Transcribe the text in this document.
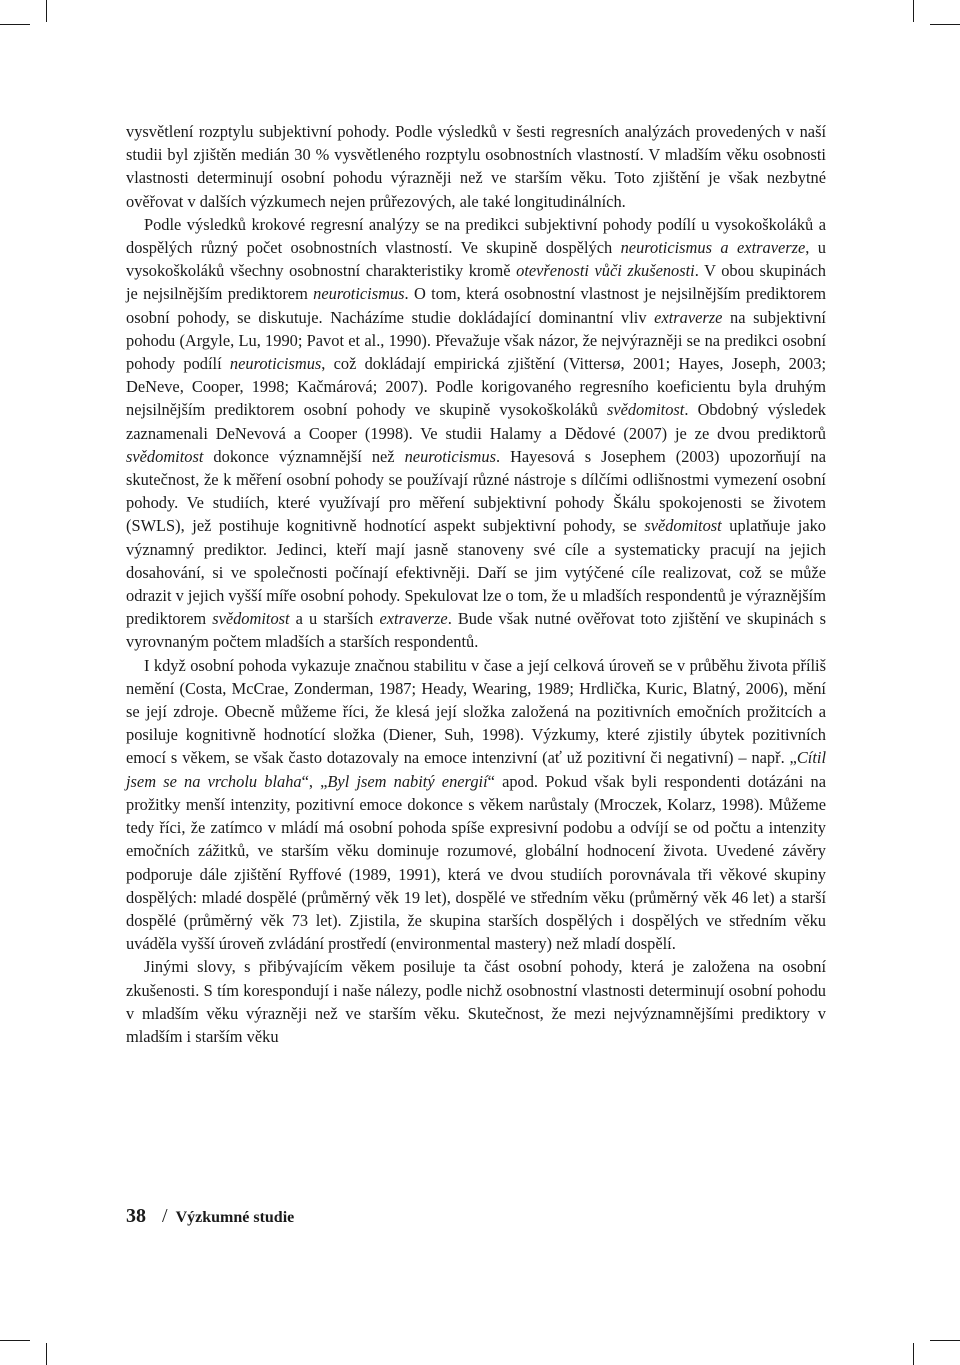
vysvětlení rozptylu subjektivní pohody. Podle výsledků v šesti regresních analýzách provedených v naší studii byl zjištěn medián 30 % vysvětleného rozptylu osobnostních vlastností. V mladším věku osobnosti vlastnosti determinují osobní pohodu výrazněji než ve starším věku. Toto zjištění je však nezbytné ověřovat v dalších výzkumech nejen průřezových, ale také longitudinálních.

Podle výsledků krokové regresní analýzy se na predikci subjektivní pohody podílí u vysokoškoláků a dospělých různý počet osobnostních vlastností. Ve skupině dospělých neuroticismus a extraverze, u vysokoškoláků všechny osobnostní charakteristiky kromě otevřenosti vůči zkušenosti. V obou skupinách je nejsilnějším prediktorem neuroticismus. O tom, která osobnostní vlastnost je nejsilnějším prediktorem osobní pohody, se diskutuje. Nacházíme studie dokládající dominantní vliv extraverze na subjektivní pohodu (Argyle, Lu, 1990; Pavot et al., 1990). Převažuje však názor, že nejvýrazněji se na predikci osobní pohody podílí neuroticismus, což dokládají empirická zjištění (Vittersø, 2001; Hayes, Joseph, 2003; DeNeve, Cooper, 1998; Kačmárová; 2007). Podle korigovaného regresního koeficientu byla druhým nejsilnějším prediktorem osobní pohody ve skupině vysokoškoláků svědomitost. Obdobný výsledek zaznamenali DeNevová a Cooper (1998). Ve studii Halamy a Dědové (2007) je ze dvou prediktorů svědomitost dokonce významnější než neuroticismus. Hayesová s Josephem (2003) upozorňují na skutečnost, že k měření osobní pohody se používají různé nástroje s dílčími odlišnostmi vymezení osobní pohody. Ve studiích, které využívají pro měření subjektivní pohody Škálu spokojenosti se životem (SWLS), jež postihuje kognitivně hodnotící aspekt subjektivní pohody, se svědomitost uplatňuje jako významný prediktor. Jedinci, kteří mají jasně stanoveny své cíle a systematicky pracují na jejich dosahování, si ve společnosti počínají efektivněji. Daří se jim vytýčené cíle realizovat, což se může odrazit v jejich vyšší míře osobní pohody. Spekulovat lze o tom, že u mladších respondentů je výraznějším prediktorem svědomitost a u starších extraverze. Bude však nutné ověřovat toto zjištění ve skupinách s vyrovnaným počtem mladších a starších respondentů.

I když osobní pohoda vykazuje značnou stabilitu v čase a její celková úroveň se v průběhu života příliš nemění (Costa, McCrae, Zonderman, 1987; Heady, Wearing, 1989; Hrdlička, Kuric, Blatný, 2006), mění se její zdroje. Obecně můžeme říci, že klesá její složka založená na pozitivních emočních prožitcích a posiluje kognitivně hodnotící složka (Diener, Suh, 1998). Výzkumy, které zjistily úbytek pozitivních emocí s věkem, se však často dotazovaly na emoce intenzivní (ať už pozitivní či negativní) – např. „Cítil jsem se na vrcholu blaha“, „Byl jsem nabitý energií“ apod. Pokud však byli respondenti dotázáni na prožitky menší intenzity, pozitivní emoce dokonce s věkem narůstaly (Mroczek, Kolarz, 1998). Můžeme tedy říci, že zatímco v mládí má osobní pohoda spíše expresivní podobu a odvíjí se od počtu a intenzity emočních zážitků, ve starším věku dominuje rozumové, globální hodnocení života. Uvedené závěry podporuje dále zjištění Ryffové (1989, 1991), která ve dvou studiích porovnávala tři věkové skupiny dospělých: mladé dospělé (průměrný věk 19 let), dospělé ve středním věku (průměrný věk 46 let) a starší dospělé (průměrný věk 73 let). Zjistila, že skupina starších dospělých i dospělých ve středním věku uváděla vyšší úroveň zvládání prostředí (environmental mastery) než mladí dospělí.

Jinými slovy, s přibývajícím věkem posiluje ta část osobní pohody, která je založena na osobní zkušenosti. S tím korespondují i naše nálezy, podle nichž osobnostní vlastnosti determinují osobní pohodu v mladším věku výrazněji než ve starším věku. Skutečnost, že mezi nejvýznamnějšími prediktory v mladším i starším věku

38 / Výzkumné studie
